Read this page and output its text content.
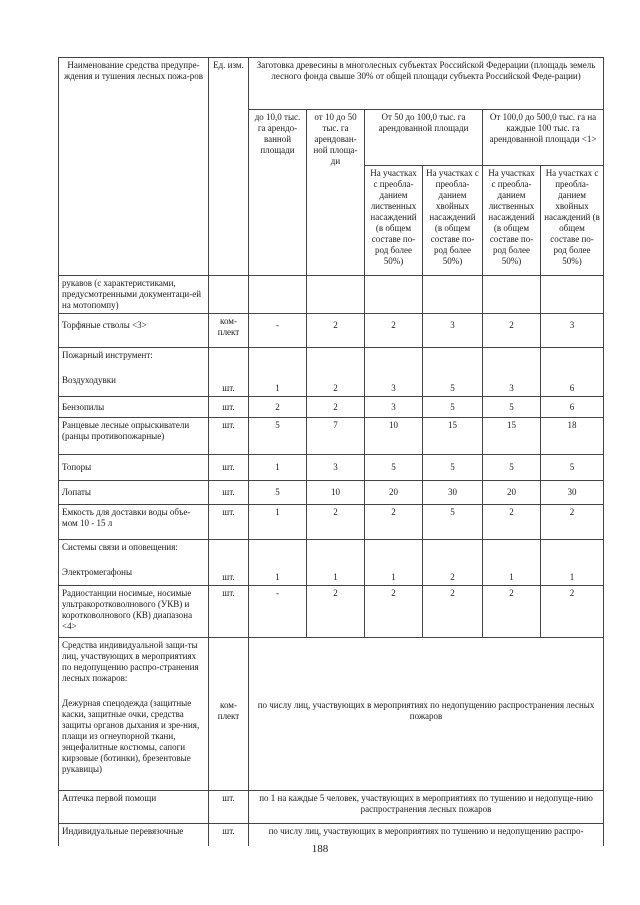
Наименование средства предупре-ждения и тушения лесных пожа-ров	Ед. изм.	Заготовка древесины в многолесных субъектах Российской Федерации (площадь земель лесного фонда свыше 30% от общей площади субъекта Российской Феде-рации)					
		до 10,0 тыс. га арендо-ванной площади	от 10 до 50 тыс. га арендован-ной площа-ди	От 50 до 100,0 тыс. га арендованной площади		От 100,0 до 500,0 тыс. га на каждые 100 тыс. га арендованной площади <1>	
				На участках с преобла-данием лиственных насаждений (в общем составе по-род более 50%)	На участках с преобла-данием хвойных насаждений (в общем составе по-род более 50%)	На участках с преобла-данием лиственных насаждений (в общем составе по-род более 50%)	На участках с преобла-данием хвойных насаждений (в общем составе по-род более 50%)
рукавов (с характеристиками, предусмотренными документаци-ей на мотопомпу)							
Торфяные стволы <3>	ком-плект	-	2	2	3	2	3

Пожарный инструмент:
Воздуходувки	шт.	1	2	3	5	3	6
Бензопилы	шт.	2	2	3	5	5	6
Ранцевые лесные опрыскиватели (ранцы противопожарные)	шт.	5	7	10	15	15	18
Топоры	шт.	1	3	5	5	5	5
Лопаты	шт.	5	10	20	30	20	30
Емкость для доставки воды объе-мом 10 - 15 л	шт.	1	2	2	5	2	2

Системы связи и оповещения:
Электромегафоны	шт.	1	1	1	2	1	1
Радиостанции носимые, носимые ультракоротковолнового (УКВ) и коротковолнового (КВ) диапазона <4>	шт.	-	2	2	2	2	2

Средства индивидуальной защи-ты лиц, участвующих в мероприятиях по недопущению распро-странения лесных пожаров:
Дежурная спецодежда (защитные каски, защитные очки, средства защиты органов дыхания и зре-ния, плащи из огнеупорной ткани, энцефалитные костюмы, сапоги кирзовые (ботинки), брезентовые рукавицы)	ком-плект	по числу лиц, участвующих в мероприятиях по недопущению распространения лесных пожаров					
Аптечка первой помощи	шт.	по 1 на каждые 5 человек, участвующих в мероприятиях по тушению и недопуще-нию распространения лесных пожаров					
Индивидуальные перевязочные	шт.	по числу лиц, участвующих в мероприятиях по тушению и недопущению распро-					
188
